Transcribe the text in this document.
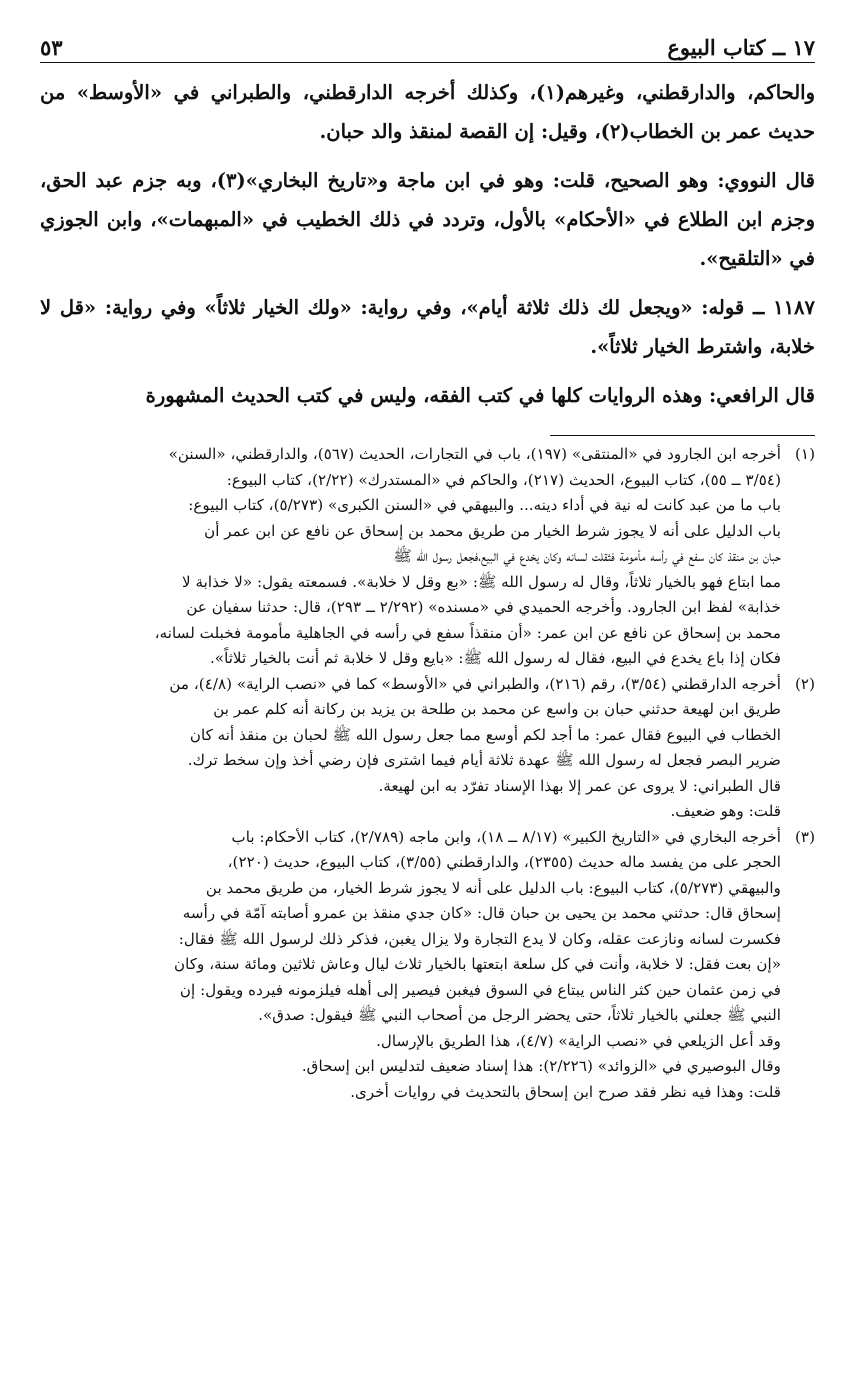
١٧ ــ كتاب البيوع
٥٣

والحاكم، والدارقطني، وغيرهم(١)، وكذلك أخرجه الدارقطني، والطبراني في «الأوسط» من حديث عمر بن الخطاب(٢)، وقيل: إن القصة لمنقذ والد حبان.

قال النووي: وهو الصحيح، قلت: وهو في ابن ماجة و«تاريخ البخاري»(٣)، وبه جزم عبد الحق، وجزم ابن الطلاع في «الأحكام» بالأول، وتردد في ذلك الخطيب في «المبهمات»، وابن الجوزي في «التلقيح».

١١٨٧ ــ قوله: «ويجعل لك ذلك ثلاثة أيام»، وفي رواية: «ولك الخيار ثلاثاً» وفي رواية: «قل لا خلابة، واشترط الخيار ثلاثاً».

قال الرافعي: وهذه الروايات كلها في كتب الفقه، وليس في كتب الحديث المشهورة

(١)
أخرجه ابن الجارود في «المنتقى» (١٩٧)، باب في التجارات، الحديث (٥٦٧)، والدارقطني، «السنن»
(٣/٥٤ ــ ٥٥)، كتاب البيوع، الحديث (٢١٧)، والحاكم في «المستدرك» (٢/٢٢)، كتاب البيوع:
باب ما من عبد كانت له نية في أداء دينه... والبيهقي في «السنن الكبرى» (٥/٢٧٣)، كتاب البيوع:
باب الدليل على أنه لا يجوز شرط الخيار من طريق محمد بن إسحاق عن نافع عن ابن عمر أن
حبان بن منقذ كان سفع في رأسه مأمومة فثقلت لسانه وكان يخدع في البيع،فجعل رسول الله ﷺ
مما ابتاع فهو بالخيار ثلاثاً، وقال له رسول الله ﷺ: «بع وقل لا خلابة». فسمعته يقول: «لا خذابة لا
خذابة» لفظ ابن الجارود. وأخرجه الحميدي في «مسنده» (٢/٢٩٢ ــ ٢٩٣)، قال: حدثنا سفيان عن
محمد بن إسحاق عن نافع عن ابن عمر: «أن منقذاً سفع في رأسه في الجاهلية مأمومة فخبلت لسانه،
فكان إذا باع يخدع في البيع، فقال له رسول الله ﷺ: «بايع وقل لا خلابة ثم أنت بالخيار ثلاثاً».
(٢)
أخرجه الدارقطني (٣/٥٤)، رقم (٢١٦)، والطبراني في «الأوسط» كما في «نصب الراية» (٤/٨)، من
طريق ابن لهيعة حدثني حبان بن واسع عن محمد بن طلحة بن يزيد بن ركانة أنه كلم عمر بن
الخطاب في البيوع فقال عمر: ما أجد لكم أوسع مما جعل رسول الله ﷺ لحبان بن منقذ أنه كان
ضرير البصر فجعل له رسول الله ﷺ عهدة ثلاثة أيام فيما اشترى فإن رضي أخذ وإن سخط ترك.
قال الطبراني: لا يروى عن عمر إلا بهذا الإسناد تفرّد به ابن لهيعة.
قلت: وهو ضعيف.
(٣)
أخرجه البخاري في «التاريخ الكبير» (٨/١٧ ــ ١٨)، وابن ماجه (٢/٧٨٩)، كتاب الأحكام: باب
الحجر على من يفسد ماله حديث (٢٣٥٥)، والدارقطني (٣/٥٥)، كتاب البيوع، حديث (٢٢٠)،
والبيهقي (٥/٢٧٣)، كتاب البيوع: باب الدليل على أنه لا يجوز شرط الخيار، من طريق محمد بن
إسحاق قال: حدثني محمد بن يحيى بن حبان قال: «كان جدي منقذ بن عمرو أصابته آمّة في رأسه
فكسرت لسانه ونازعت عقله، وكان لا يدع التجارة ولا يزال يغبن، فذكر ذلك لرسول الله ﷺ فقال:
«إن بعت فقل: لا خلابة، وأنت في كل سلعة ابتعتها بالخيار ثلاث ليال وعاش ثلاثين ومائة سنة، وكان
في زمن عثمان حين كثر الناس يبتاع في السوق فيغبن فيصير إلى أهله فيلزمونه فيرده ويقول: إن
النبي ﷺ جعلني بالخيار ثلاثاً، حتى يحضر الرجل من أصحاب النبي ﷺ فيقول: صدق».
وقد أعل الزيلعي في «نصب الراية» (٤/٧)، هذا الطريق بالإرسال.
وقال البوصيري في «الزوائد» (٢/٢٢٦): هذا إسناد ضعيف لتدليس ابن إسحاق.
قلت: وهذا فيه نظر فقد صرح ابن إسحاق بالتحديث في روايات أخرى.
